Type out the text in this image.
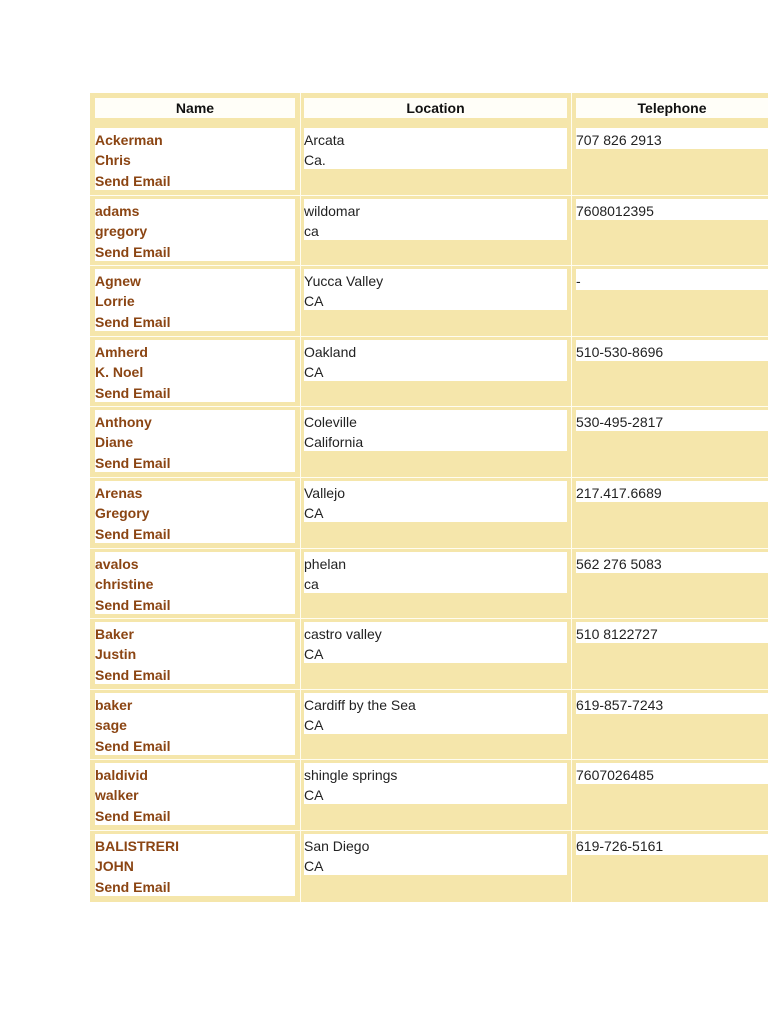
Name	Location	Telephone
Ackerman
Chris
Send Email
Arcata
Ca.
707 826 2913
adams
gregory
Send Email
wildomar
ca
7608012395
Agnew
Lorrie
Send Email
Yucca Valley
CA
-
Amherd
K. Noel
Send Email
Oakland
CA
510-530-8696
Anthony
Diane
Send Email
Coleville
California
530-495-2817
Arenas
Gregory
Send Email
Vallejo
CA
217.417.6689
avalos
christine
Send Email
phelan
ca
562 276 5083
Baker
Justin
Send Email
castro valley
CA
510 8122727
baker
sage
Send Email
Cardiff by the Sea
CA
619-857-7243
baldivid
walker
Send Email
shingle springs
CA
7607026485
BALISTRERI
JOHN
Send Email
San Diego
CA
619-726-5161
